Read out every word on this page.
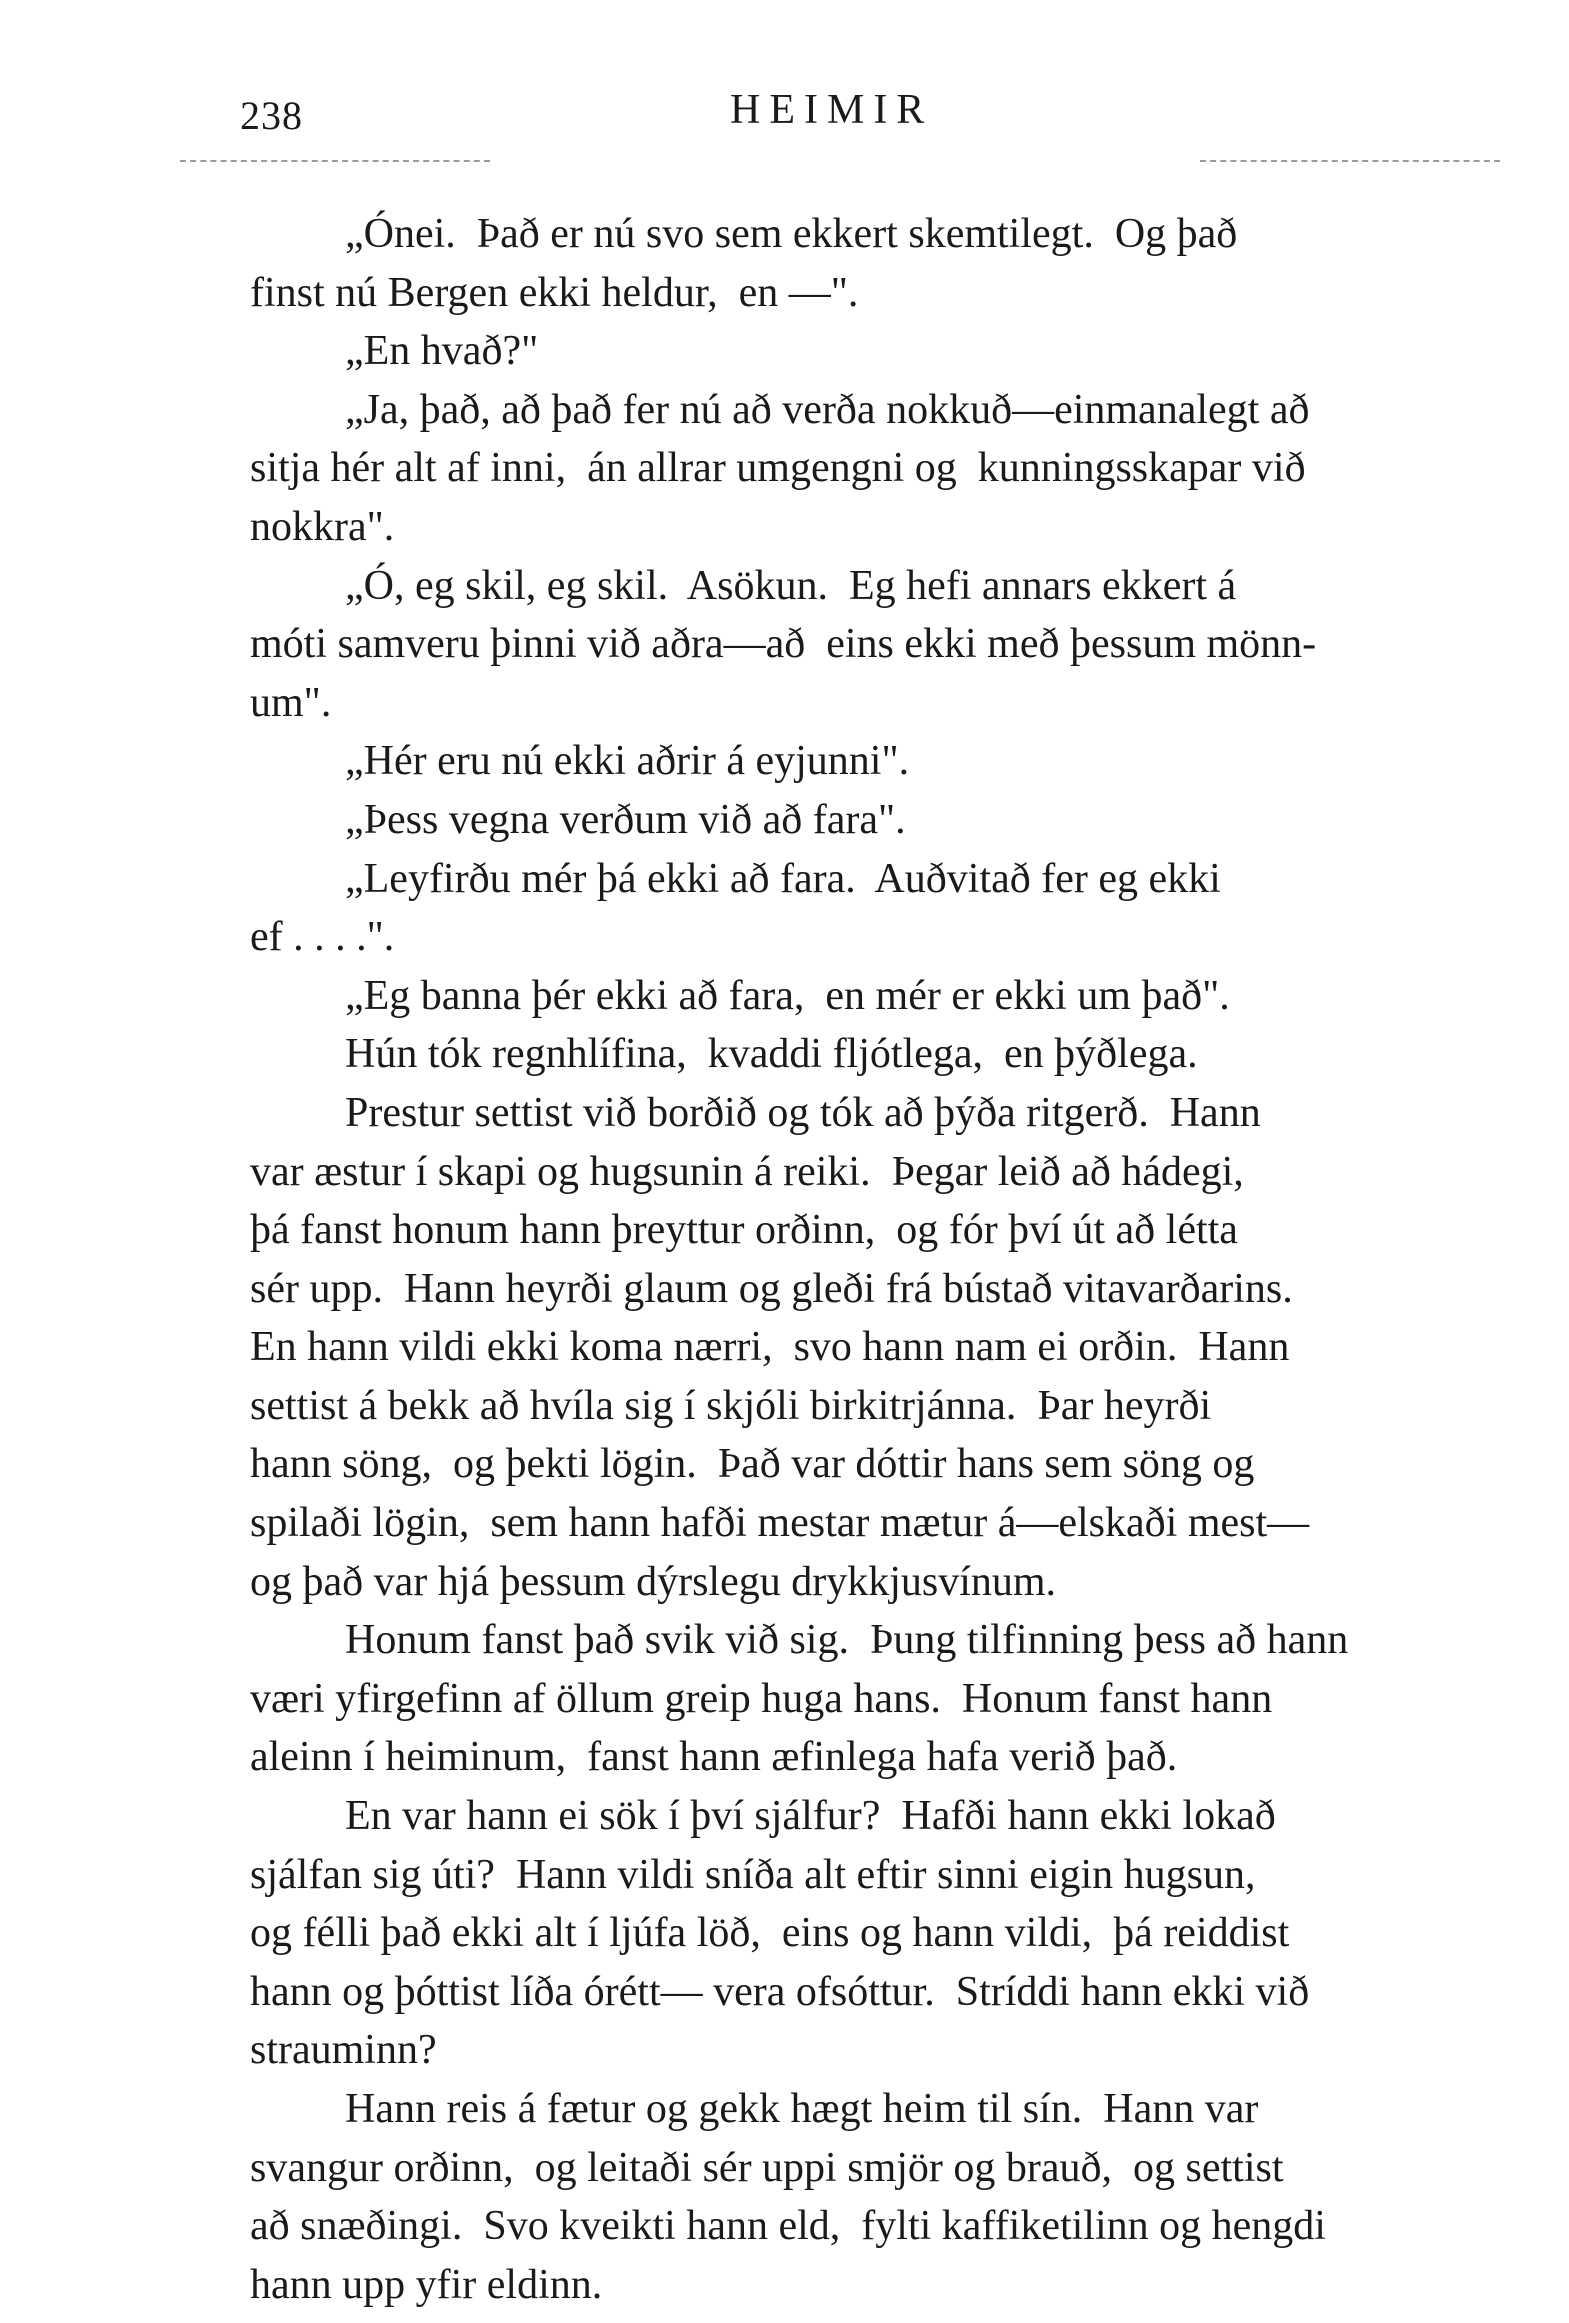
238	HEIMIR
„Ónei.  Það er nú svo sem ekkert skemtilegt.  Og það
finst nú Bergen ekki heldur,  en —".
„En hvað?"
„Ja, það, að það fer nú að verða nokkuð—einmanalegt að
sitja hér alt af inni,  án allrar umgengni og  kunningsskapar við
nokkra".
„Ó, eg skil, eg skil.  Asökun.  Eg hefi annars ekkert á
móti samveru þinni við aðra—að  eins ekki með þessum mönn-
um".
„Hér eru nú ekki aðrir á eyjunni".
„Þess vegna verðum við að fara".
„Leyfirðu mér þá ekki að fara.  Auðvitað fer eg ekki
ef . . . .".
„Eg banna þér ekki að fara,  en mér er ekki um það".
Hún tók regnhlífina,  kvaddi fljótlega,  en þýðlega.
Prestur settist við borðið og tók að þýða ritgerð.  Hann
var æstur í skapi og hugsunin á reiki.  Þegar leið að hádegi,
þá fanst honum hann þreyttur orðinn,  og fór því út að létta
sér upp.  Hann heyrði glaum og gleði frá bústað vitavarðarins.
En hann vildi ekki koma nærri,  svo hann nam ei orðin.  Hann
settist á bekk að hvíla sig í skjóli birkitrjánna.  Þar heyrði
hann söng,  og þekti lögin.  Það var dóttir hans sem söng og
spilaði lögin,  sem hann hafði mestar mætur á—elskaði mest—
og það var hjá þessum dýrslegu drykkjusvínum.
Honum fanst það svik við sig.  Þung tilfinning þess að hann
væri yfirgefinn af öllum greip huga hans.  Honum fanst hann
aleinn í heiminum,  fanst hann æfinlega hafa verið það.
En var hann ei sök í því sjálfur?  Hafði hann ekki lokað
sjálfan sig úti?  Hann vildi sníða alt eftir sinni eigin hugsun,
og félli það ekki alt í ljúfa löð,  eins og hann vildi,  þá reiddist
hann og þóttist líða órétt— vera ofsóttur.  Stríddi hann ekki við
strauminn?
Hann reis á fætur og gekk hægt heim til sín.  Hann var
svangur orðinn,  og leitaði sér uppi smjör og brauð,  og settist
að snæðingi.  Svo kveikti hann eld,  fylti kaffiketilinn og hengdi
hann upp yfir eldinn.
